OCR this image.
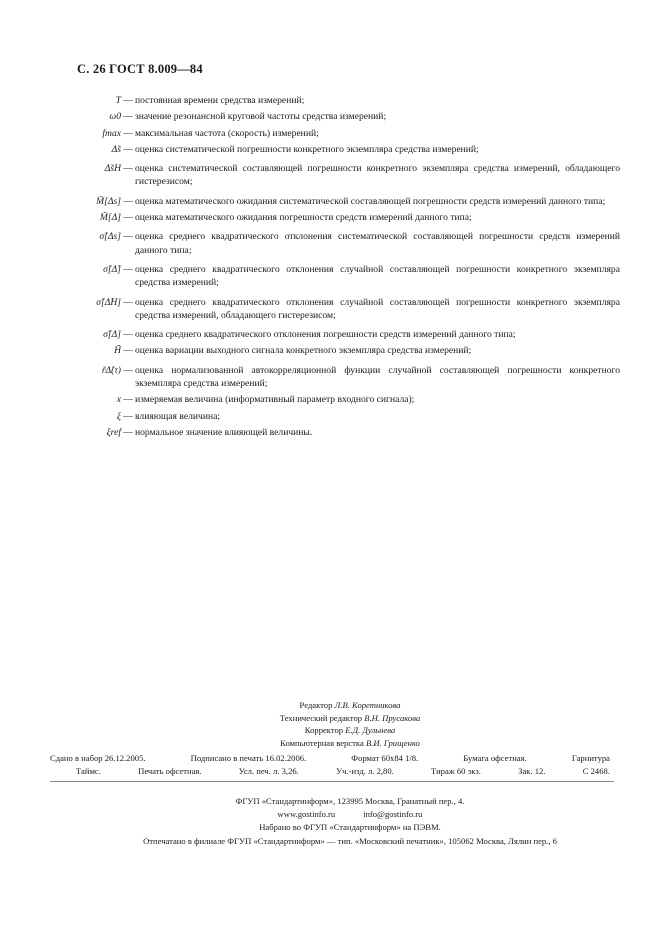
С. 26 ГОСТ 8.009—84
T — постоянная времени средства измерений;
ω0 — значение резонансной круговой частоты средства измерений;
fmax — максимальная частота (скорость) измерений;
Δ̃s — оценка систематической погрешности конкретного экземпляра средства измерений;
Δ̃sH — оценка систематической составляющей погрешности конкретного экземпляра средства измерений, обладающего гистерезисом;
M̃[Δs] — оценка математического ожидания систематической составляющей погрешности средств измерений данного типа;
M̃[Δ] — оценка математического ожидания погрешности средств измерений данного типа;
σ̃[Δs] — оценка среднего квадратического отклонения систематической составляющей погрешности средств измерений данного типа;
σ̃[Δ̊] — оценка среднего квадратического отклонения случайной составляющей погрешности конкретного экземпляра средства измерений;
σ̃[Δ̊H] — оценка среднего квадратического отклонения случайной составляющей погрешности конкретного экземпляра средства измерений, обладающего гистерезисом;
σ̃[Δ] — оценка среднего квадратического отклонения погрешности средств измерений данного типа;
H̃ — оценка вариации выходного сигнала конкретного экземпляра средства измерений;
r̃Δ̊(τ) — оценка нормализованной автокорреляционной функции случайной составляющей погрешности конкретного экземпляра средства измерений;
x — измеряемая величина (информативный параметр входного сигнала);
ξ — влияющая величина;
ξref — нормальное значение влияющей величины.
Редактор Л.В. Коретникова
Технический редактор В.Н. Прусакова
Корректор Е.Д. Дульнева
Компьютерная верстка В.И. Грищенко
Сдано в набор 26.12.2005.	Подписано в печать 16.02.2006.	Формат 60x84 1/8.	Бумага офсетная.	Гарнитура
Таймс.	Печать офсетная.	Усл. печ. л. 3,26.	Уч.-изд. л. 2,80.	Тираж 60 экз.	Зак. 12.	С 2468.
ФГУП «Стандартинформ», 123995 Москва, Гранатный пер., 4.
www.gostinfo.ru	info@gostinfo.ru
Набрано во ФГУП «Стандартинформ» на ПЭВМ.
Отпечатано в филиале ФГУП «Стандартинформ» — тип. «Московский печатник», 105062 Москва, Лялин пер., 6
